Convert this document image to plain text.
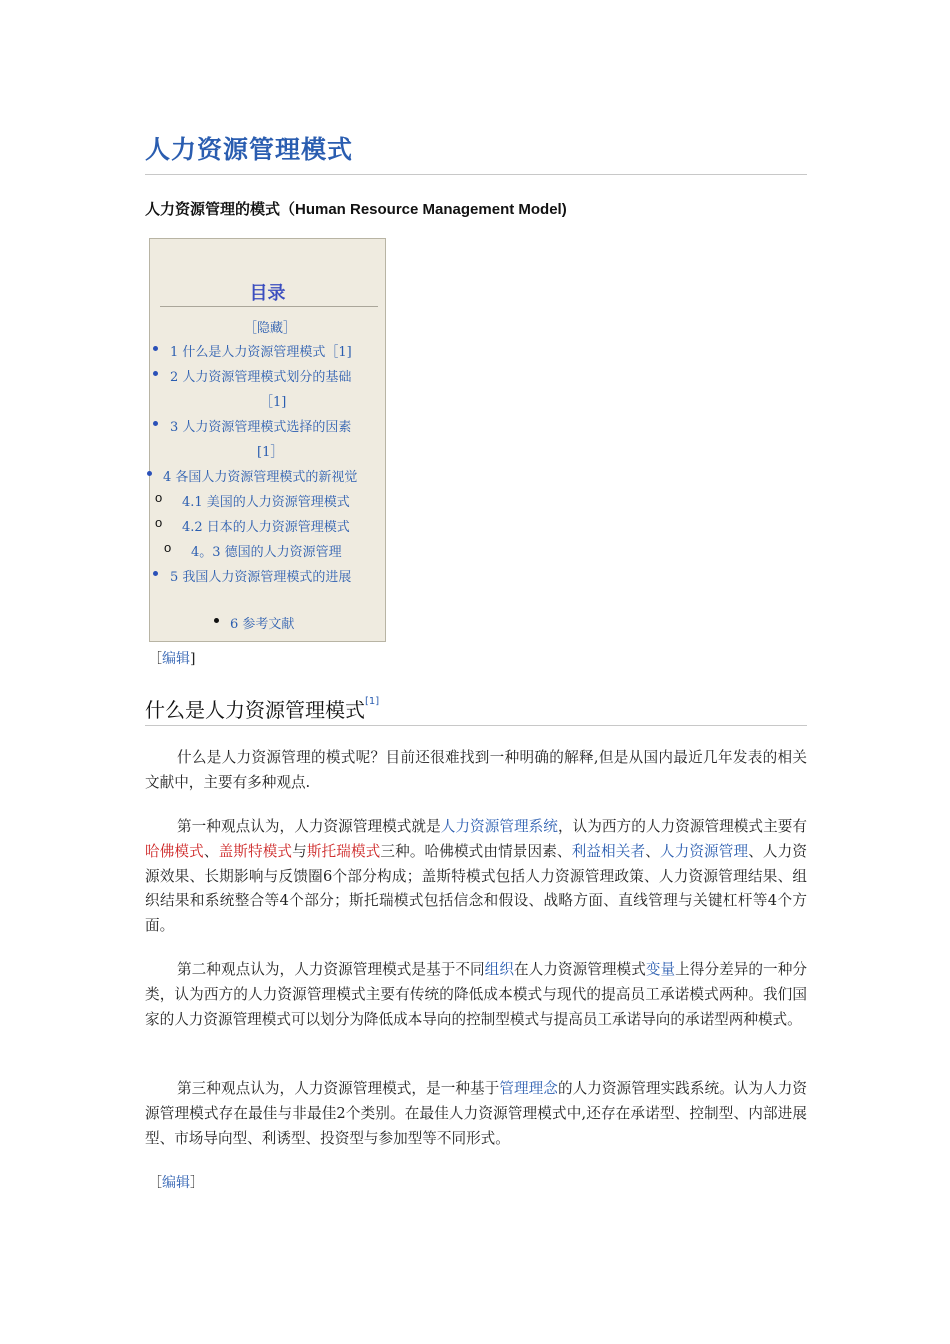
人力资源管理模式
人力资源管理的模式（Human Resource Management Model)
目录
［隐藏］
1 什么是人力资源管理模式［1]
2 人力资源管理模式划分的基础
［1]
3 人力资源管理模式选择的因素
[1］
4 各国人力资源管理模式的新视觉
o 4.1 美国的人力资源管理模式
o 4.2 日本的人力资源管理模式
o 4。3 德国的人力资源管理
5 我国人力资源管理模式的进展
6 参考文献
［编辑]
什么是人力资源管理模式[1]

什么是人力资源管理的模式呢？目前还很难找到一种明确的解释,但是从国内最近几年发表的相关文献中，主要有多种观点.

第一种观点认为，人力资源管理模式就是人力资源管理系统，认为西方的人力资源管理模式主要有哈佛模式、盖斯特模式与斯托瑞模式三种。哈佛模式由情景因素、利益相关者、人力资源管理、人力资源效果、长期影响与反馈圈6个部分构成；盖斯特模式包括人力资源管理政策、人力资源管理结果、组织结果和系统整合等4个部分；斯托瑞模式包括信念和假设、战略方面、直线管理与关键杠杆等4个方面。

第二种观点认为，人力资源管理模式是基于不同组织在人力资源管理模式变量上得分差异的一种分类，认为西方的人力资源管理模式主要有传统的降低成本模式与现代的提高员工承诺模式两种。我们国家的人力资源管理模式可以划分为降低成本导向的控制型模式与提高员工承诺导向的承诺型两种模式。

第三种观点认为，人力资源管理模式，是一种基于管理理念的人力资源管理实践系统。认为人力资源管理模式存在最佳与非最佳2个类别。在最佳人力资源管理模式中,还存在承诺型、控制型、内部进展型、市场导向型、利诱型、投资型与参加型等不同形式。

［编辑］
